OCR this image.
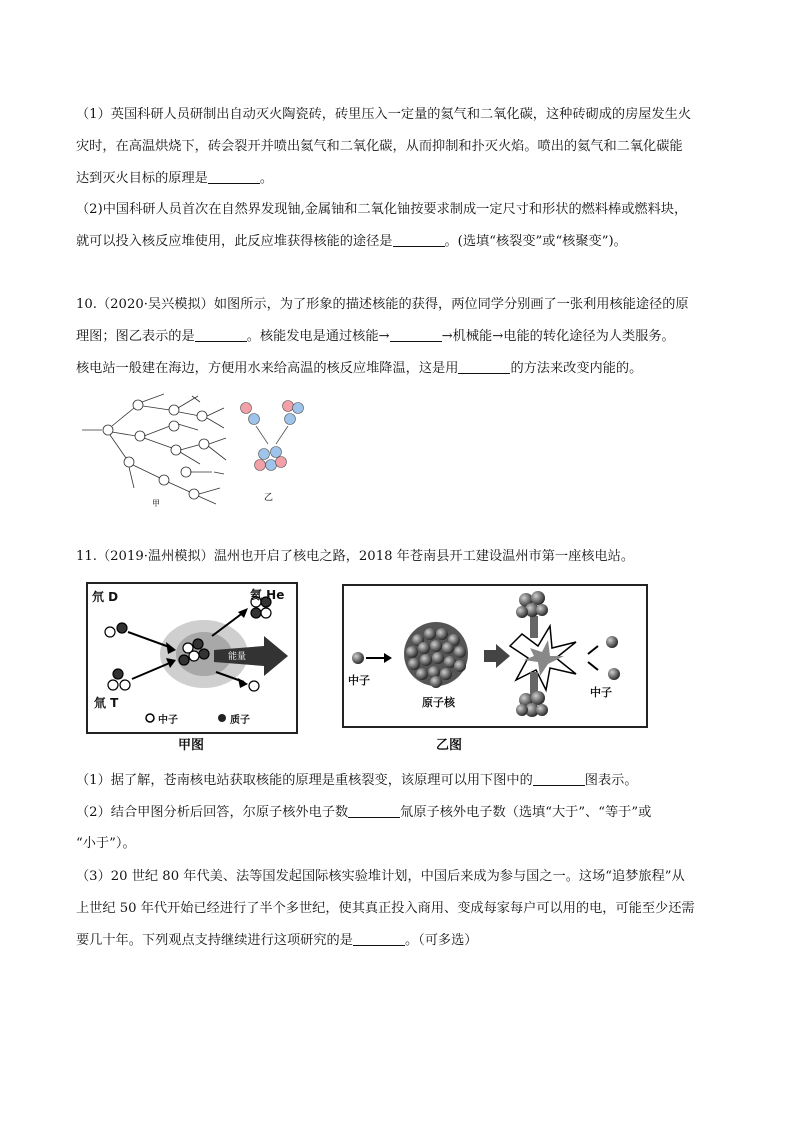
（1）英国科研人员研制出自动灭火陶瓷砖，砖里压入一定量的氦气和二氧化碳，这种砖砌成的房屋发生火
灾时，在高温烘烧下，砖会裂开并喷出氦气和二氧化碳，从而抑制和扑灭火焰。喷出的氦气和二氧化碳能
达到灭火目标的原理是	。
（2)中国科研人员首次在自然界发现铀,金属铀和二氧化铀按要求制成一定尺寸和形状的燃料棒或燃料块，
就可以投入核反应堆使用，此反应堆获得核能的途径是	。(选填“核裂变”或“核聚变”)。
10.（2020·吴兴模拟）如图所示，为了形象的描述核能的获得，两位同学分别画了一张利用核能途径的原
理图；图乙表示的是	。核能发电是通过核能→	→机械能→电能的转化途径为人类服务。
核电站一般建在海边，方便用水来给高温的核反应堆降温，这是用	的方法来改变内能的。
甲
乙
11.（2019·温州模拟）温州也开启了核电之路，2018 年苍南县开工建设温州市第一座核电站。
能量
氘 D	氦 He
氚 T
中子	质子
甲图
中子
原子核
中子
乙图
（1）据了解，苍南核电站获取核能的原理是重核裂变，该原理可以用下图中的	图表示。
（2）结合甲图分析后回答，尔原子核外电子数	氚原子核外电子数（选填“大于”、“等于”或
“小于”）。
（3）20 世纪 80 年代美、法等国发起国际核实验堆计划，中国后来成为参与国之一。这场“追梦旅程”从
上世纪 50 年代开始已经进行了半个多世纪，使其真正投入商用、变成每家每户可以用的电，可能至少还需
要几十年。下列观点支持继续进行这项研究的是	。（可多选）
